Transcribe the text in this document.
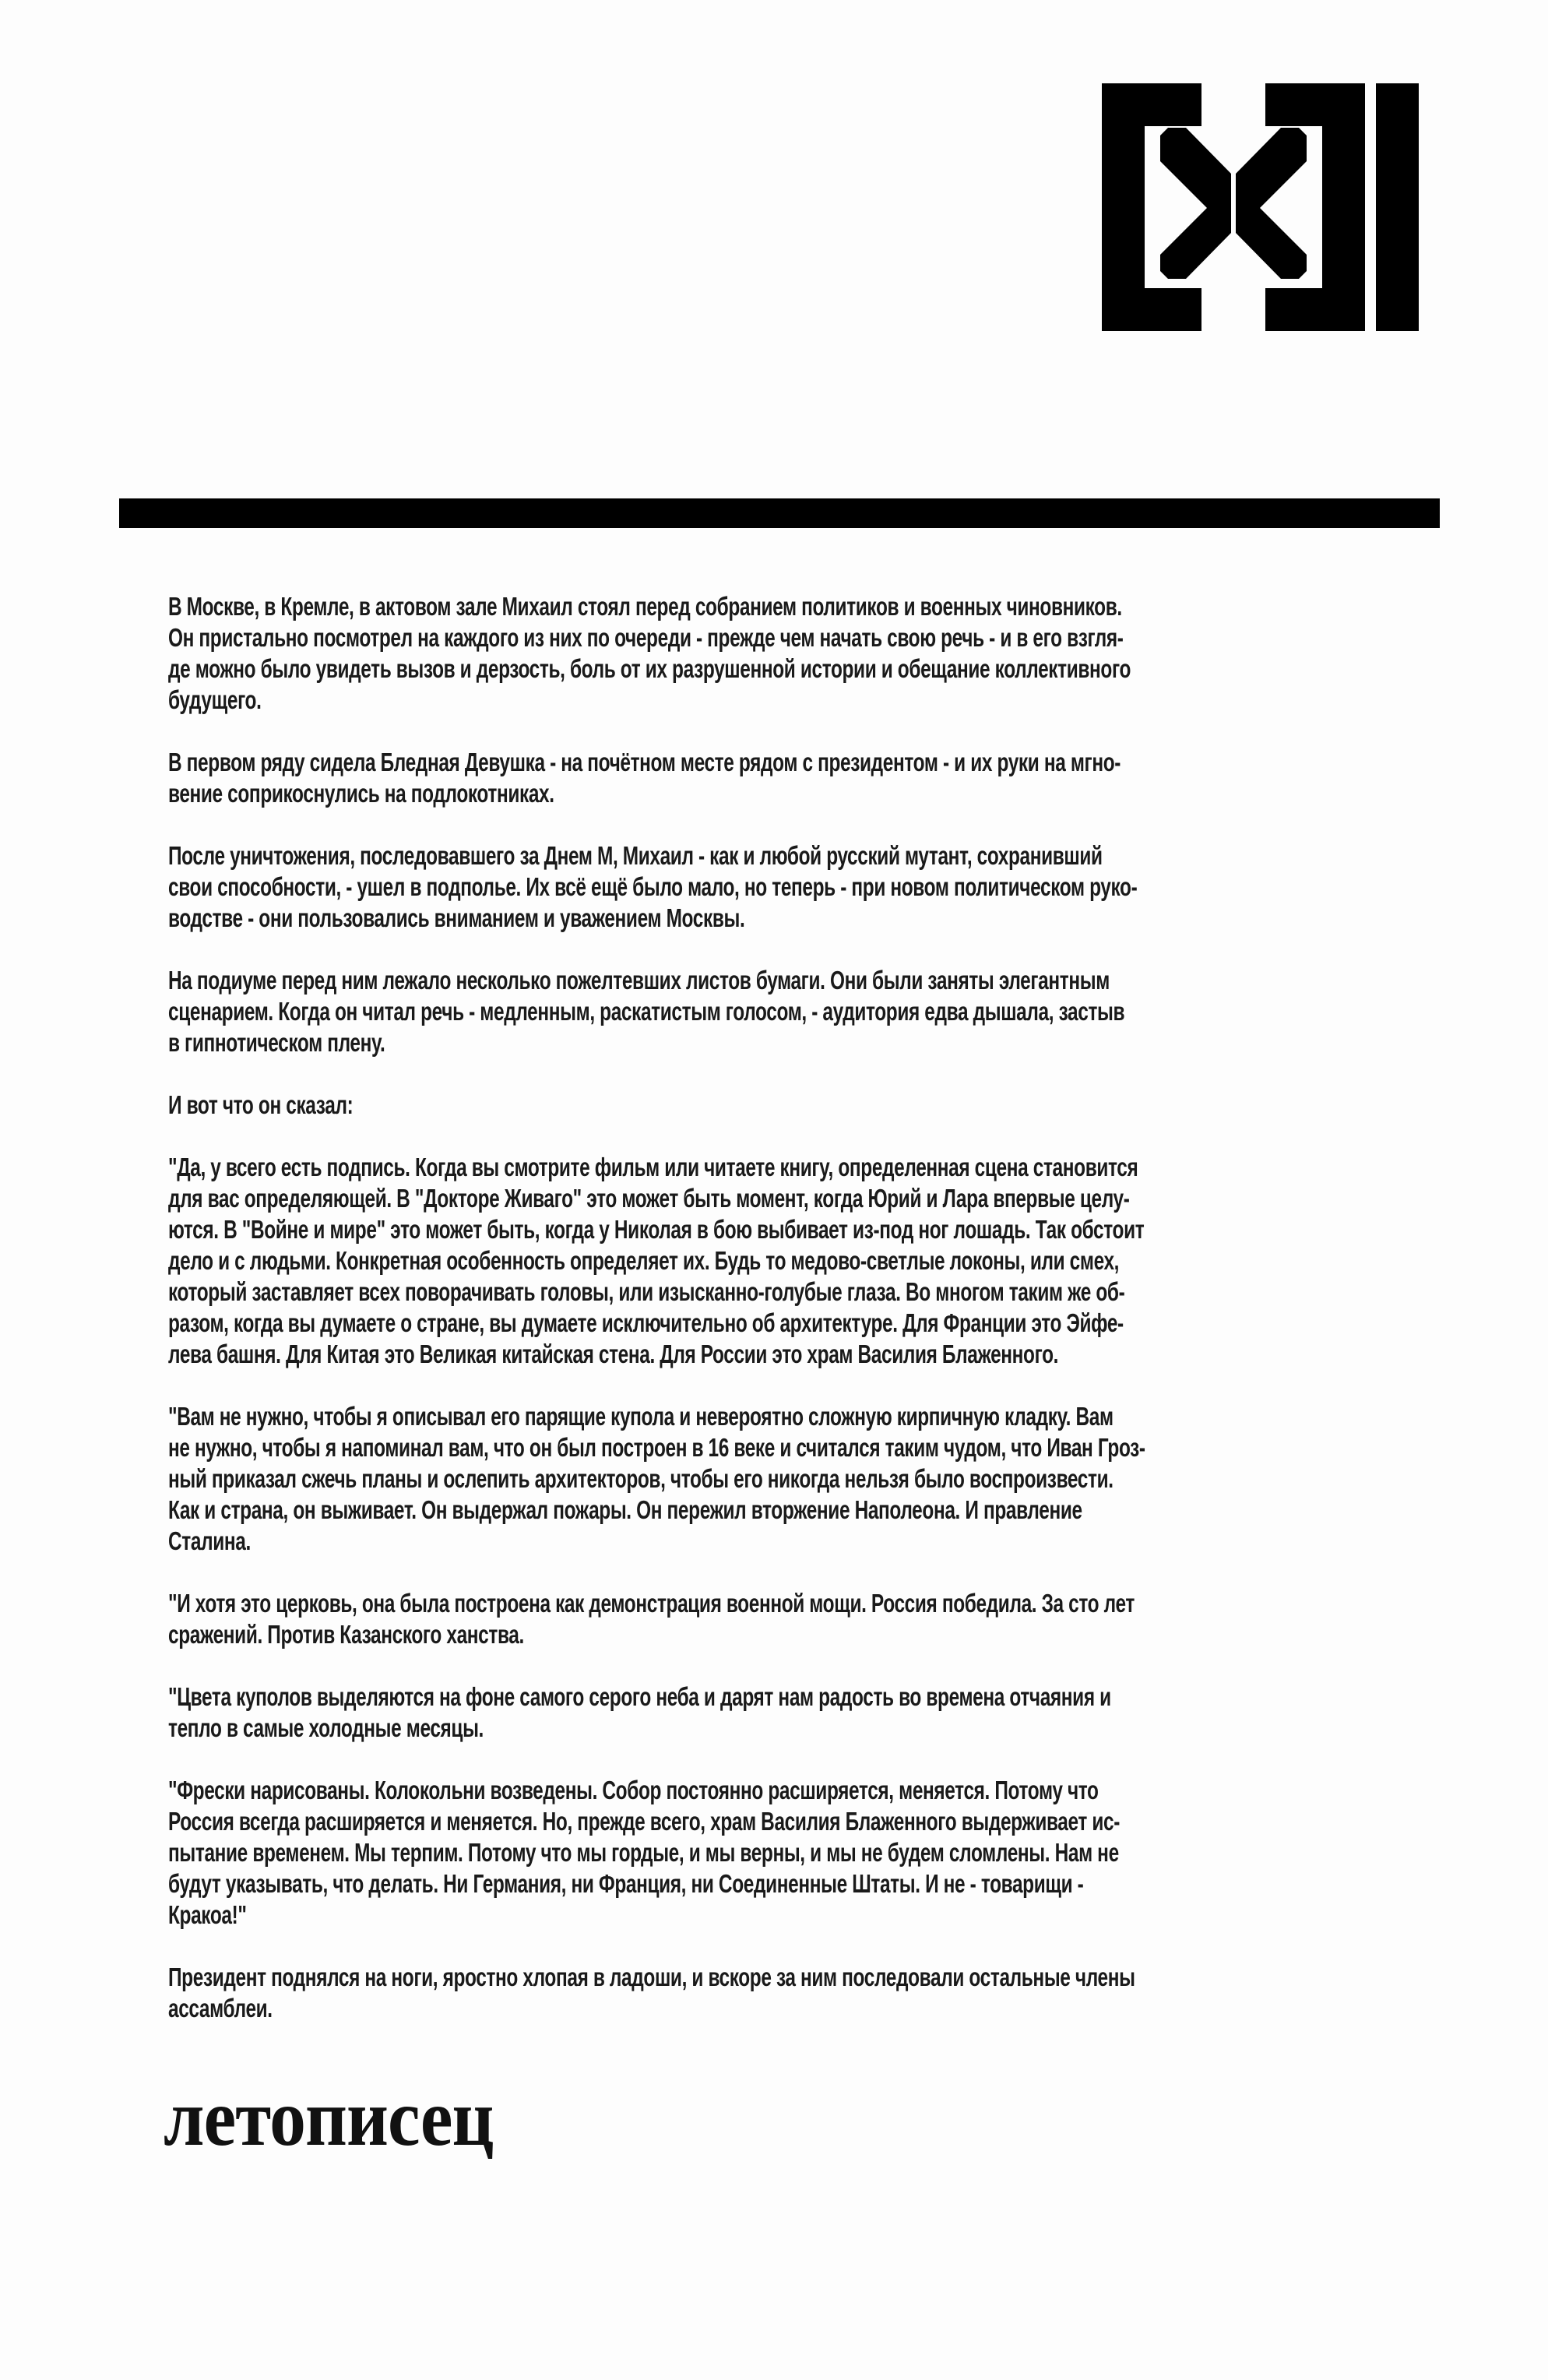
В Москве, в Кремле, в актовом зале Михаил стоял перед собранием политиков и военных чиновников.
Он пристально посмотрел на каждого из них по очереди - прежде чем начать свою речь - и в его взгля-
де можно было увидеть вызов и дерзость, боль от их разрушенной истории и обещание коллективного
будущего.
В первом ряду сидела Бледная Девушка - на почётном месте рядом с президентом - и их руки на мгно-
вение соприкоснулись на подлокотниках.
После уничтожения, последовавшего за Днем М, Михаил - как и любой русский мутант, сохранивший
свои способности, - ушел в подполье. Их всё ещё было мало, но теперь - при новом политическом руко-
водстве - они пользовались вниманием и уважением Москвы.
На подиуме перед ним лежало несколько пожелтевших листов бумаги. Они были заняты элегантным
сценарием. Когда он читал речь - медленным, раскатистым голосом, - аудитория едва дышала, застыв
в гипнотическом плену.
И вот что он сказал:
"Да, у всего есть подпись. Когда вы смотрите фильм или читаете книгу, определенная сцена становится
для вас определяющей. В "Докторе Живаго" это может быть момент, когда Юрий и Лара впервые целу-
ются. В "Войне и мире" это может быть, когда у Николая в бою выбивает из-под ног лошадь. Так обстоит
дело и с людьми. Конкретная особенность определяет их. Будь то медово-светлые локоны, или смех,
который заставляет всех поворачивать головы, или изысканно-голубые глаза. Во многом таким же об-
разом, когда вы думаете о стране, вы думаете исключительно об архитектуре. Для Франции это Эйфе-
лева башня. Для Китая это Великая китайская стена. Для России это храм Василия Блаженного.
"Вам не нужно, чтобы я описывал его парящие купола и невероятно сложную кирпичную кладку. Вам
не нужно, чтобы я напоминал вам, что он был построен в 16 веке и считался таким чудом, что Иван Гроз-
ный приказал сжечь планы и ослепить архитекторов, чтобы его никогда нельзя было воспроизвести.
Как и страна, он выживает. Он выдержал пожары. Он пережил вторжение Наполеона. И правление
Сталина.
"И хотя это церковь, она была построена как демонстрация военной мощи. Россия победила. За сто лет
сражений. Против Казанского ханства.
"Цвета куполов выделяются на фоне самого серого неба и дарят нам радость во времена отчаяния и
тепло в самые холодные месяцы.
"Фрески нарисованы. Колокольни возведены. Собор постоянно расширяется, меняется. Потому что
Россия всегда расширяется и меняется. Но, прежде всего, храм Василия Блаженного выдерживает ис-
пытание временем. Мы терпим. Потому что мы гордые, и мы верны, и мы не будем сломлены. Нам не
будут указывать, что делать. Ни Германия, ни Франция, ни Соединенные Штаты. И не - товарищи -
Кракоа!"
Президент поднялся на ноги, яростно хлопая в ладоши, и вскоре за ним последовали остальные члены
ассамблеи.
летописец
